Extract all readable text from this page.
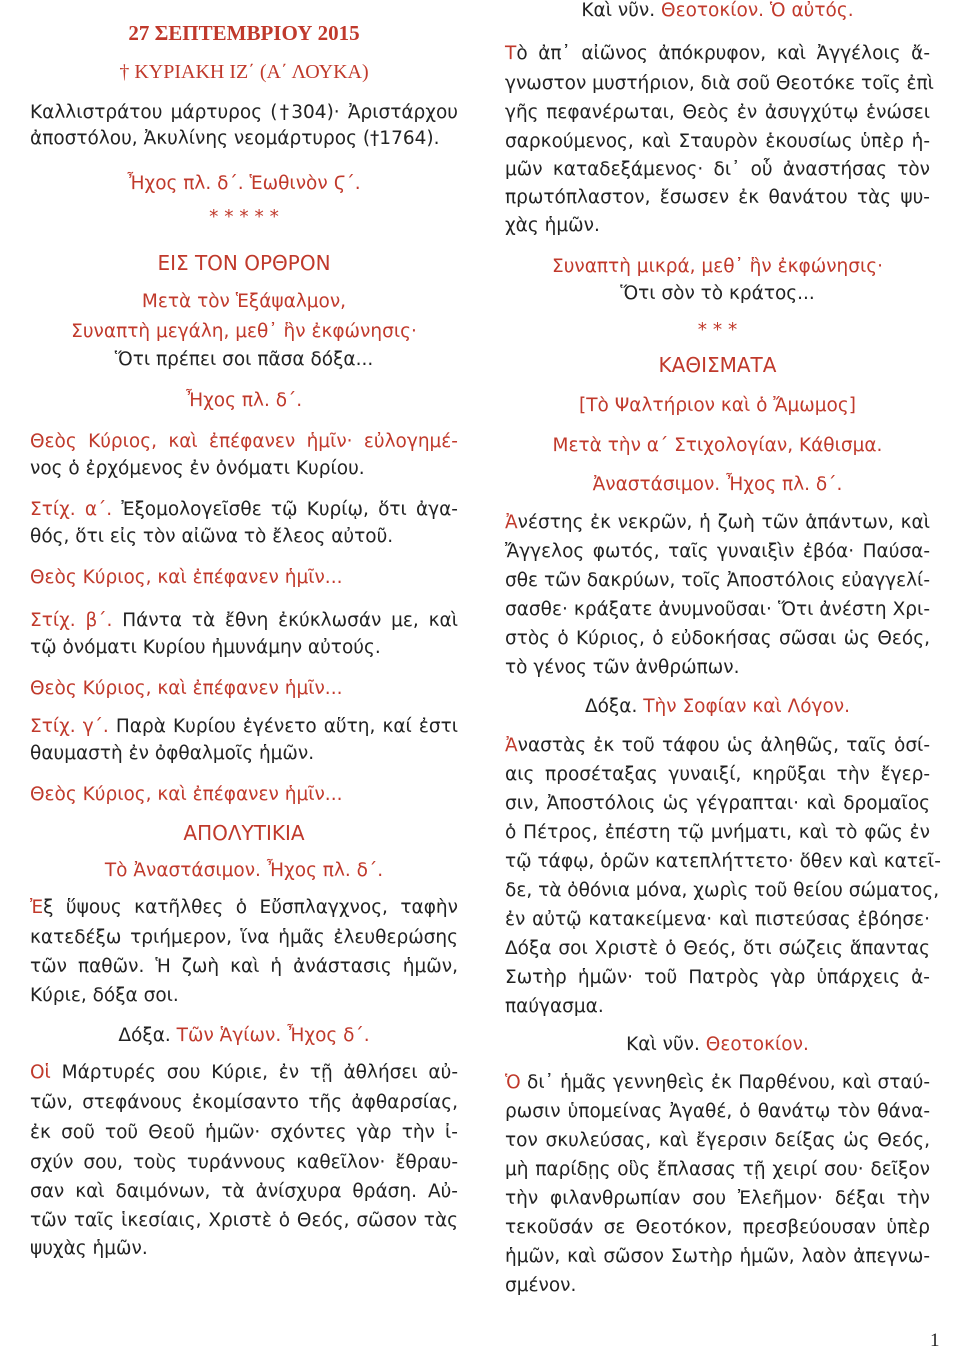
27 ΣΕΠΤΕΜΒΡΙΟΥ 2015
† ΚΥΡΙΑΚΗ ΙΖ΄ (Α΄ ΛΟΥΚΑ)
Καλλιστράτου μάρτυρος (†304)· Ἀριστάρχου
ἀποστόλου, Ἀκυλίνης νεομάρτυρος (†1764).
Ἦχος πλ. δ΄. Ἑωθινὸν Ϛ΄.
* * * * *
ΕΙΣ ΤΟΝ ΟΡΘΡΟΝ
Μετὰ τὸν Ἑξάψαλμον,
Συναπτὴ μεγάλη, μεθ᾿ ἣν ἐκφώνησις·
Ὅτι πρέπει σοι πᾶσα δόξα...
Ἦχος πλ. δ΄.
Θεὸς Κύριος, καὶ ἐπέφανεν ἡμῖν· εὐλογημέ-
νος ὁ ἐρχόμενος ἐν ὀνόματι Κυρίου.
Στίχ. α΄. Ἐξομολογεῖσθε τῷ Κυρίῳ, ὅτι ἀγα-
θός, ὅτι εἰς τὸν αἰῶνα τὸ ἔλεος αὐτοῦ.
Θεὸς Κύριος, καὶ ἐπέφανεν ἡμῖν...
Στίχ. β΄. Πάντα τὰ ἔθνη ἐκύκλωσάν με, καὶ
τῷ ὀνόματι Κυρίου ἠμυνάμην αὐτούς.
Θεὸς Κύριος, καὶ ἐπέφανεν ἡμῖν...
Στίχ. γ΄. Παρὰ Κυρίου ἐγένετο αὕτη, καί ἐστι
θαυμαστὴ ἐν ὀφθαλμοῖς ἡμῶν.
Θεὸς Κύριος, καὶ ἐπέφανεν ἡμῖν...
ΑΠΟΛΥΤΙΚΙΑ
Τὸ Ἀναστάσιμον. Ἦχος πλ. δ΄.
Ἐξ ὕψους κατῆλθες ὁ Εὔσπλαγχνος, ταφὴν
κατεδέξω τριήμερον, ἵνα ἡμᾶς ἐλευθερώσης
τῶν παθῶν. Ἡ ζωὴ καὶ ἡ ἀνάστασις ἡμῶν,
Κύριε, δόξα σοι.
Δόξα. Τῶν Ἁγίων. Ἦχος δ΄.
Οἱ Μάρτυρές σου Κύριε, ἐν τῇ ἀθλήσει αὐ-
τῶν, στεφάνους ἐκομίσαντο τῆς ἀφθαρσίας,
ἐκ σοῦ τοῦ Θεοῦ ἡμῶν· σχόντες γὰρ τὴν ἰ-
σχύν σου, τοὺς τυράννους καθεῖλον· ἔθραυ-
σαν καὶ δαιμόνων, τὰ ἀνίσχυρα θράση. Αὐ-
τῶν ταῖς ἱκεσίαις, Χριστὲ ὁ Θεός, σῶσον τὰς
ψυχὰς ἡμῶν.
Καὶ νῦν. Θεοτοκίον. Ὁ αὐτός.
Τὸ ἀπ᾿ αἰῶνος ἀπόκρυφον, καὶ Ἀγγέλοις ἄ-
γνωστον μυστήριον, διὰ σοῦ Θεοτόκε τοῖς ἐπὶ
γῆς πεφανέρωται, Θεὸς ἐν ἀσυγχύτῳ ἑνώσει
σαρκούμενος, καὶ Σταυρὸν ἑκουσίως ὑπὲρ ἡ-
μῶν καταδεξάμενος· δι᾿ οὗ ἀναστήσας τὸν
πρωτόπλαστον, ἔσωσεν ἐκ θανάτου τὰς ψυ-
χὰς ἡμῶν.
Συναπτὴ μικρά, μεθ᾿ ἣν ἐκφώνησις·
Ὅτι σὸν τὸ κράτος...
* * *
ΚΑΘΙΣΜΑΤΑ
[Τὸ Ψαλτήριον καὶ ὁ Ἄμωμος]
Μετὰ τὴν α΄ Στιχολογίαν, Κάθισμα.
Ἀναστάσιμον. Ἦχος πλ. δ΄.
Ἀνέστης ἐκ νεκρῶν, ἡ ζωὴ τῶν ἁπάντων, καὶ
Ἄγγελος φωτός, ταῖς γυναιξὶν ἐβόα· Παύσα-
σθε τῶν δακρύων, τοῖς Ἀποστόλοις εὐαγγελί-
σασθε· κράξατε ἀνυμνοῦσαι· Ὅτι ἀνέστη Χρι-
στὸς ὁ Κύριος, ὁ εὐδοκήσας σῶσαι ὡς Θεός,
τὸ γένος τῶν ἀνθρώπων.
Δόξα. Τὴν Σοφίαν καὶ Λόγον.
Ἀναστὰς ἐκ τοῦ τάφου ὡς ἀληθῶς, ταῖς ὁσί-
αις προσέταξας γυναιξί, κηρῦξαι τὴν ἔγερ-
σιν, Ἀποστόλοις ὡς γέγραπται· καὶ δρομαῖος
ὁ Πέτρος, ἐπέστη τῷ μνήματι, καὶ τὸ φῶς ἐν
τῷ τάφῳ, ὁρῶν κατεπλήττετο· ὅθεν καὶ κατεῖ-
δε, τὰ ὀθόνια μόνα, χωρὶς τοῦ θείου σώματος,
ἐν αὐτῷ κατακείμενα· καὶ πιστεύσας ἐβόησε·
Δόξα σοι Χριστὲ ὁ Θεός, ὅτι σώζεις ἅπαντας
Σωτὴρ ἡμῶν· τοῦ Πατρὸς γὰρ ὑπάρχεις ἀ-
παύγασμα.
Καὶ νῦν. Θεοτοκίον.
Ὁ δι᾿ ἡμᾶς γεννηθεὶς ἐκ Παρθένου, καὶ σταύ-
ρωσιν ὑπομείνας Ἀγαθέ, ὁ θανάτῳ τὸν θάνα-
τον σκυλεύσας, καὶ ἔγερσιν δείξας ὡς Θεός,
μὴ παρίδῃς οὓς ἔπλασας τῇ χειρί σου· δεῖξον
τὴν φιλανθρωπίαν σου Ἐλεῆμον· δέξαι τὴν
τεκοῦσάν σε Θεοτόκον, πρεσβεύουσαν ὑπὲρ
ἡμῶν, καὶ σῶσον Σωτὴρ ἡμῶν, λαὸν ἀπεγνω-
σμένον.
1
